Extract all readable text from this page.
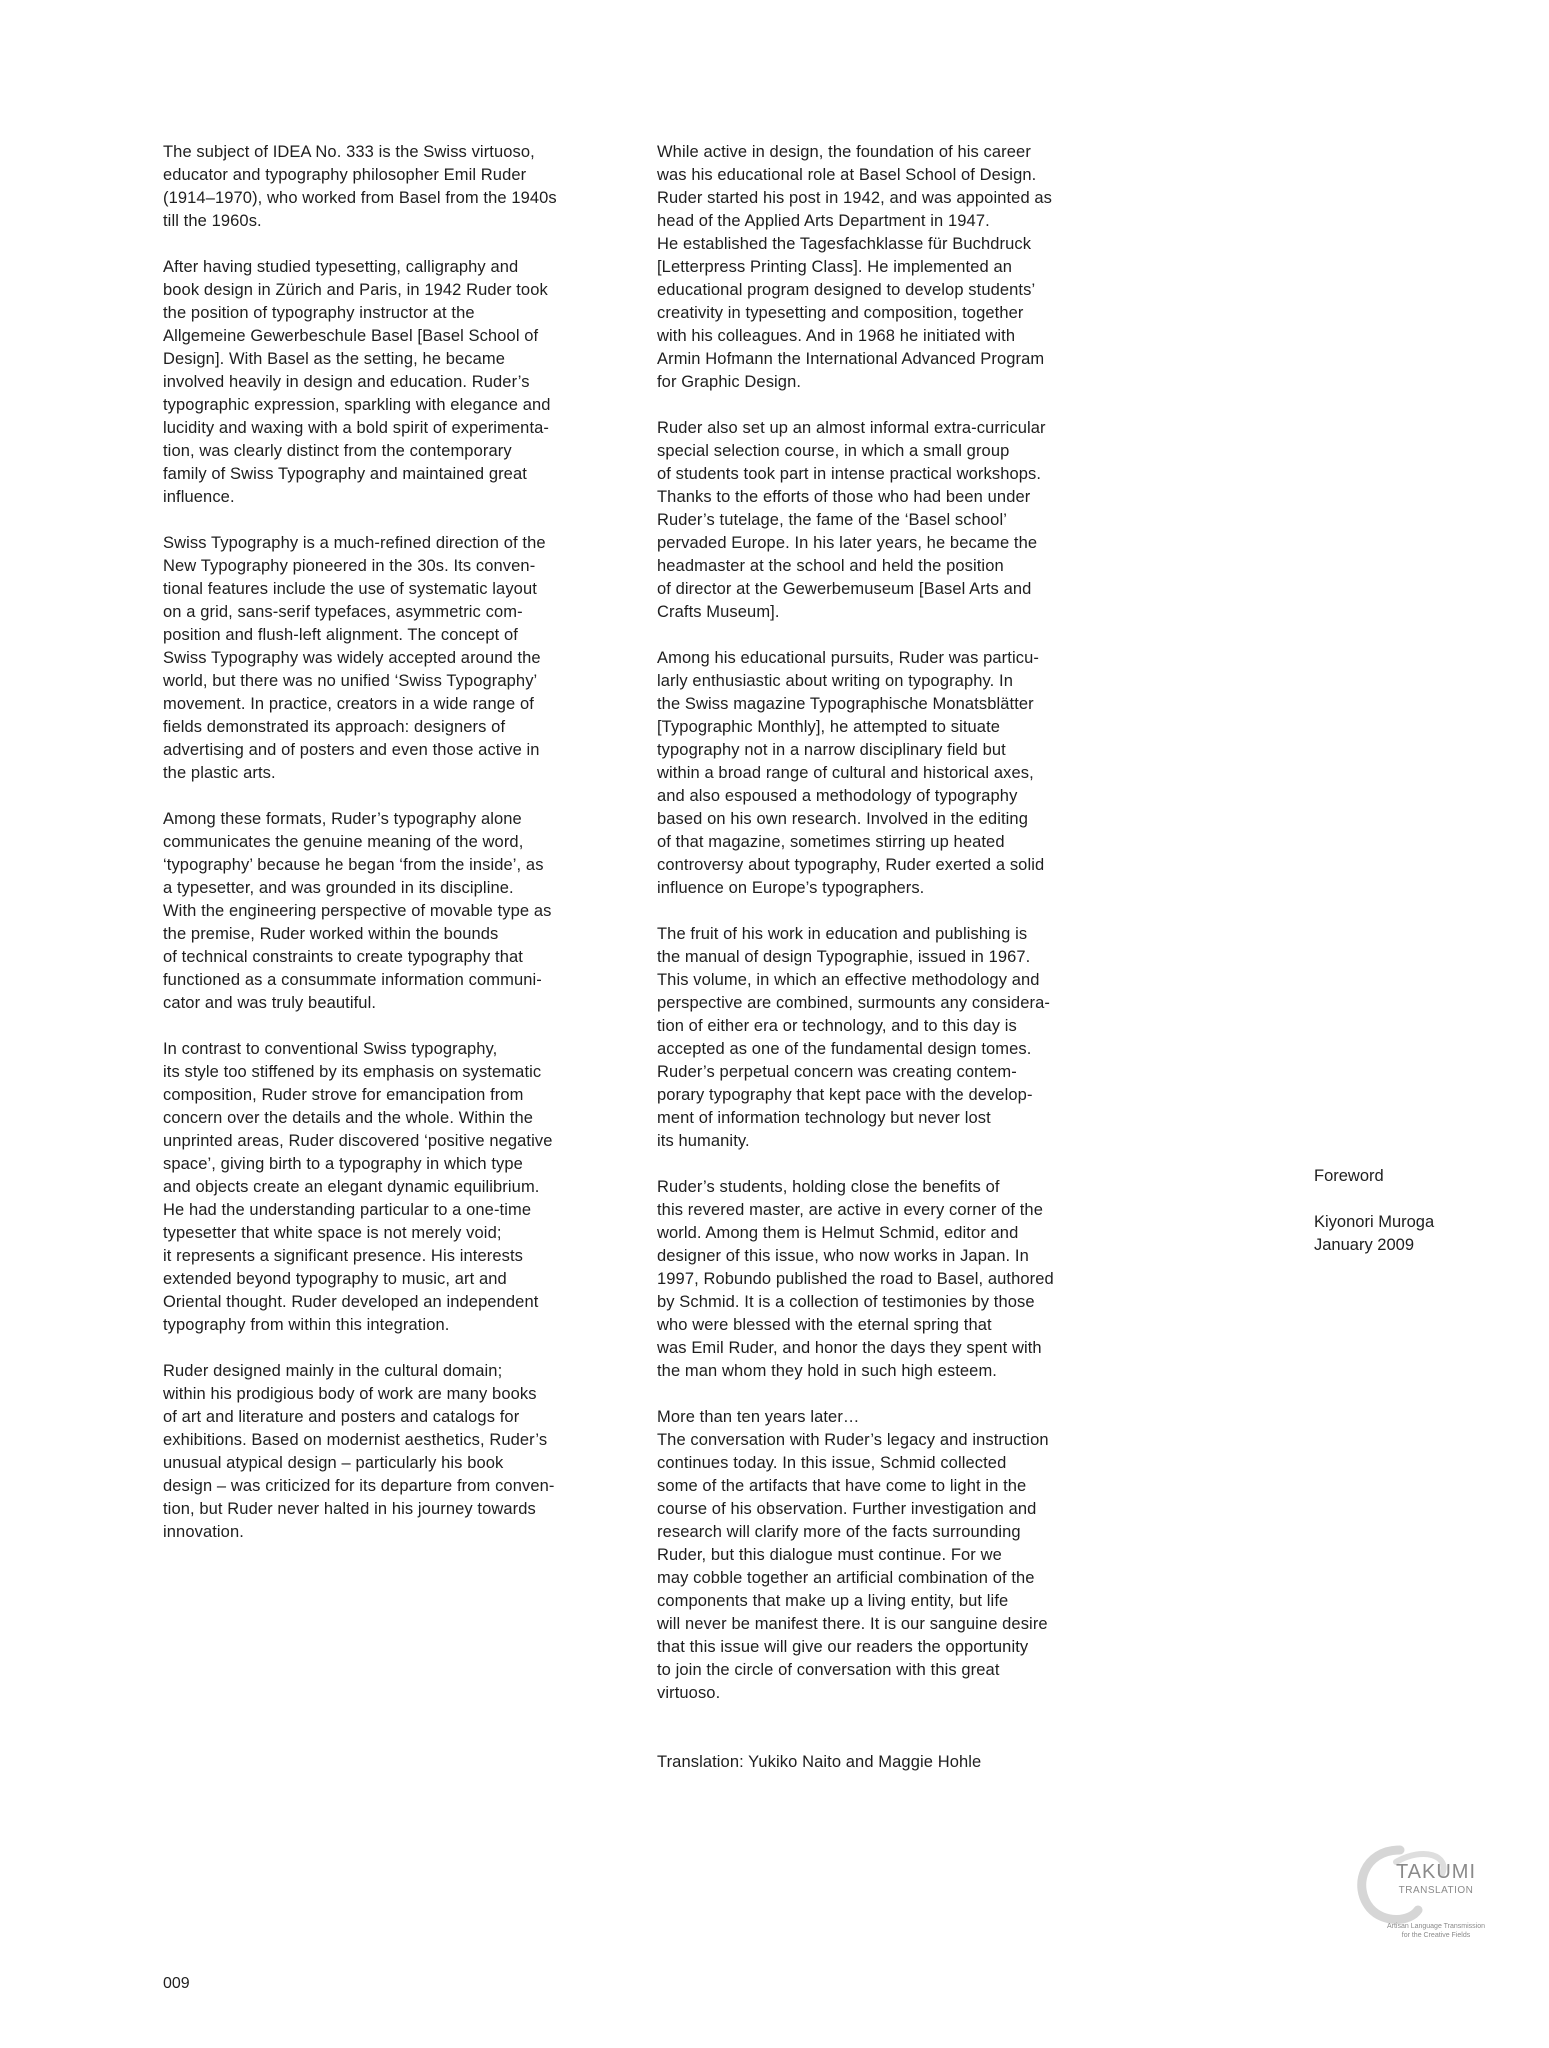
The subject of IDEA No. 333 is the Swiss virtuoso,
educator and typography philosopher Emil Ruder
(1914–1970), who worked from Basel from the 1940s
till the 1960s.
After having studied typesetting, calligraphy and
book design in Zürich and Paris, in 1942 Ruder took
the position of typography instructor at the
Allgemeine Gewerbeschule Basel [Basel School of
Design]. With Basel as the setting, he became
involved heavily in design and education. Ruder’s
typographic expression, sparkling with elegance and
lucidity and waxing with a bold spirit of experimenta-
tion, was clearly distinct from the contemporary
family of Swiss Typography and maintained great
influence.
Swiss Typography is a much-refined direction of the
New Typography pioneered in the 30s. Its conven-
tional features include the use of systematic layout
on a grid, sans-serif typefaces, asymmetric com-
position and flush-left alignment. The concept of
Swiss Typography was widely accepted around the
world, but there was no unified ‘Swiss Typography’
movement. In practice, creators in a wide range of
fields demonstrated its approach: designers of
advertising and of posters and even those active in
the plastic arts.
Among these formats, Ruder’s typography alone
communicates the genuine meaning of the word,
‘typography’ because he began ‘from the inside’, as
a typesetter, and was grounded in its discipline.
With the engineering perspective of movable type as
the premise, Ruder worked within the bounds
of technical constraints to create typography that
functioned as a consummate information communi-
cator and was truly beautiful.
In contrast to conventional Swiss typography,
its style too stiffened by its emphasis on systematic
composition, Ruder strove for emancipation from
concern over the details and the whole. Within the
unprinted areas, Ruder discovered ‘positive negative
space’, giving birth to a typography in which type
and objects create an elegant dynamic equilibrium.
He had the understanding particular to a one-time
typesetter that white space is not merely void;
it represents a significant presence. His interests
extended beyond typography to music, art and
Oriental thought. Ruder developed an independent
typography from within this integration.
Ruder designed mainly in the cultural domain;
within his prodigious body of work are many books
of art and literature and posters and catalogs for
exhibitions. Based on modernist aesthetics, Ruder’s
unusual atypical design – particularly his book
design – was criticized for its departure from conven-
tion, but Ruder never halted in his journey towards
innovation.
While active in design, the foundation of his career
was his educational role at Basel School of Design.
Ruder started his post in 1942, and was appointed as
head of the Applied Arts Department in 1947.
He established the Tagesfachklasse für Buchdruck
[Letterpress Printing Class]. He implemented an
educational program designed to develop students’
creativity in typesetting and composition, together
with his colleagues. And in 1968 he initiated with
Armin Hofmann the International Advanced Program
for Graphic Design.
Ruder also set up an almost informal extra-curricular
special selection course, in which a small group
of students took part in intense practical workshops.
Thanks to the efforts of those who had been under
Ruder’s tutelage, the fame of the ‘Basel school’
pervaded Europe. In his later years, he became the
headmaster at the school and held the position
of director at the Gewerbemuseum [Basel Arts and
Crafts Museum].
Among his educational pursuits, Ruder was particu-
larly enthusiastic about writing on typography. In
the Swiss magazine Typographische Monatsblätter
[Typographic Monthly], he attempted to situate
typography not in a narrow disciplinary field but
within a broad range of cultural and historical axes,
and also espoused a methodology of typography
based on his own research. Involved in the editing
of that magazine, sometimes stirring up heated
controversy about typography, Ruder exerted a solid
influence on Europe’s typographers.
The fruit of his work in education and publishing is
the manual of design Typographie, issued in 1967.
This volume, in which an effective methodology and
perspective are combined, surmounts any considera-
tion of either era or technology, and to this day is
accepted as one of the fundamental design tomes.
Ruder’s perpetual concern was creating contem-
porary typography that kept pace with the develop-
ment of information technology but never lost
its humanity.
Ruder’s students, holding close the benefits of
this revered master, are active in every corner of the
world. Among them is Helmut Schmid, editor and
designer of this issue, who now works in Japan. In
1997, Robundo published the road to Basel, authored
by Schmid. It is a collection of testimonies by those
who were blessed with the eternal spring that
was Emil Ruder, and honor the days they spent with
the man whom they hold in such high esteem.
More than ten years later…
The conversation with Ruder’s legacy and instruction
continues today. In this issue, Schmid collected
some of the artifacts that have come to light in the
course of his observation. Further investigation and
research will clarify more of the facts surrounding
Ruder, but this dialogue must continue. For we
may cobble together an artificial combination of the
components that make up a living entity, but life
will never be manifest there. It is our sanguine desire
that this issue will give our readers the opportunity
to join the circle of conversation with this great
virtuoso.
Translation: Yukiko Naito and Maggie Hohle
Foreword
Kiyonori Muroga
January 2009
009
TAKUMI
TRANSLATION
Artisan Language Transmission
for the Creative Fields
